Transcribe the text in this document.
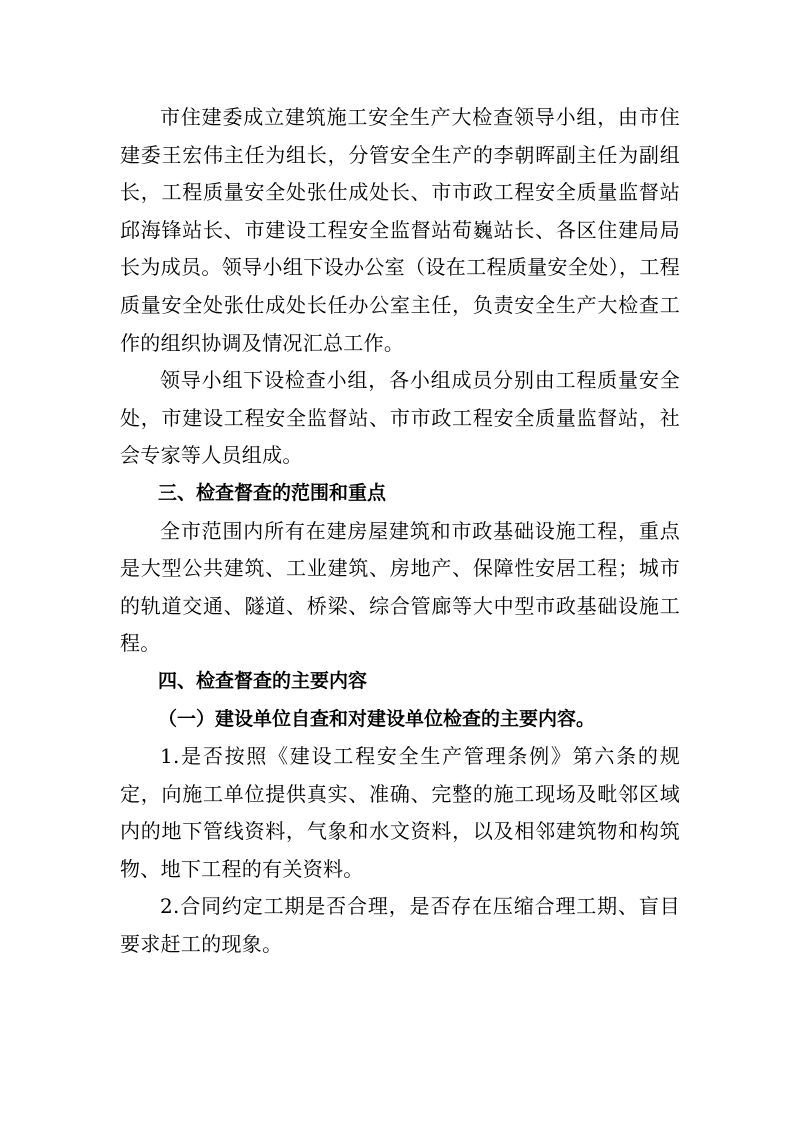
市住建委成立建筑施工安全生产大检查领导小组，由市住建委王宏伟主任为组长，分管安全生产的李朝晖副主任为副组长，工程质量安全处张仕成处长、市市政工程安全质量监督站邱海锋站长、市建设工程安全监督站荀巍站长、各区住建局局长为成员。领导小组下设办公室（设在工程质量安全处），工程质量安全处张仕成处长任办公室主任，负责安全生产大检查工作的组织协调及情况汇总工作。

领导小组下设检查小组，各小组成员分别由工程质量安全处，市建设工程安全监督站、市市政工程安全质量监督站，社会专家等人员组成。

三、检查督查的范围和重点

全市范围内所有在建房屋建筑和市政基础设施工程，重点是大型公共建筑、工业建筑、房地产、保障性安居工程；城市的轨道交通、隧道、桥梁、综合管廊等大中型市政基础设施工程。

四、检查督查的主要内容

（一）建设单位自查和对建设单位检查的主要内容。

1.是否按照《建设工程安全生产管理条例》第六条的规定，向施工单位提供真实、准确、完整的施工现场及毗邻区域内的地下管线资料，气象和水文资料，以及相邻建筑物和构筑物、地下工程的有关资料。

2.合同约定工期是否合理，是否存在压缩合理工期、盲目要求赶工的现象。
